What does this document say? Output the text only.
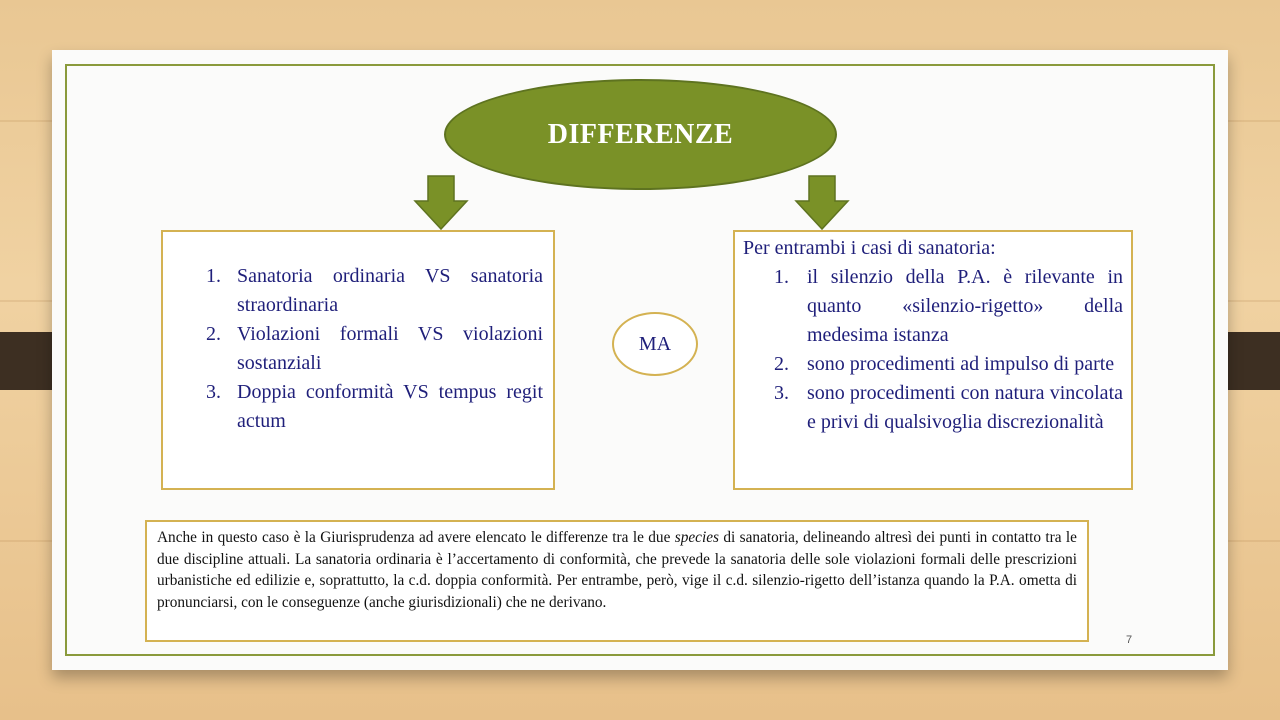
DIFFERENZE
1. Sanatoria ordinaria VS sanatoria straordinaria
2. Violazioni formali VS violazioni sostanziali
3. Doppia conformità VS tempus regit actum
MA
Per entrambi i casi di sanatoria:
1. il silenzio della P.A. è rilevante in quanto «silenzio-rigetto» della medesima istanza
2. sono procedimenti ad impulso di parte
3. sono procedimenti con natura vincolata e privi di qualsivoglia discrezionalità
Anche in questo caso è la Giurisprudenza ad avere elencato le differenze tra le due species di sanatoria, delineando altresì dei punti in contatto tra le due discipline attuali. La sanatoria ordinaria è l’accertamento di conformità, che prevede la sanatoria delle sole violazioni formali delle prescrizioni urbanistiche ed edilizie e, soprattutto, la c.d. doppia conformità. Per entrambe, però, vige il c.d. silenzio-rigetto dell’istanza quando la P.A. ometta di pronunciarsi, con le conseguenze (anche giurisdizionali) che ne derivano.
7
